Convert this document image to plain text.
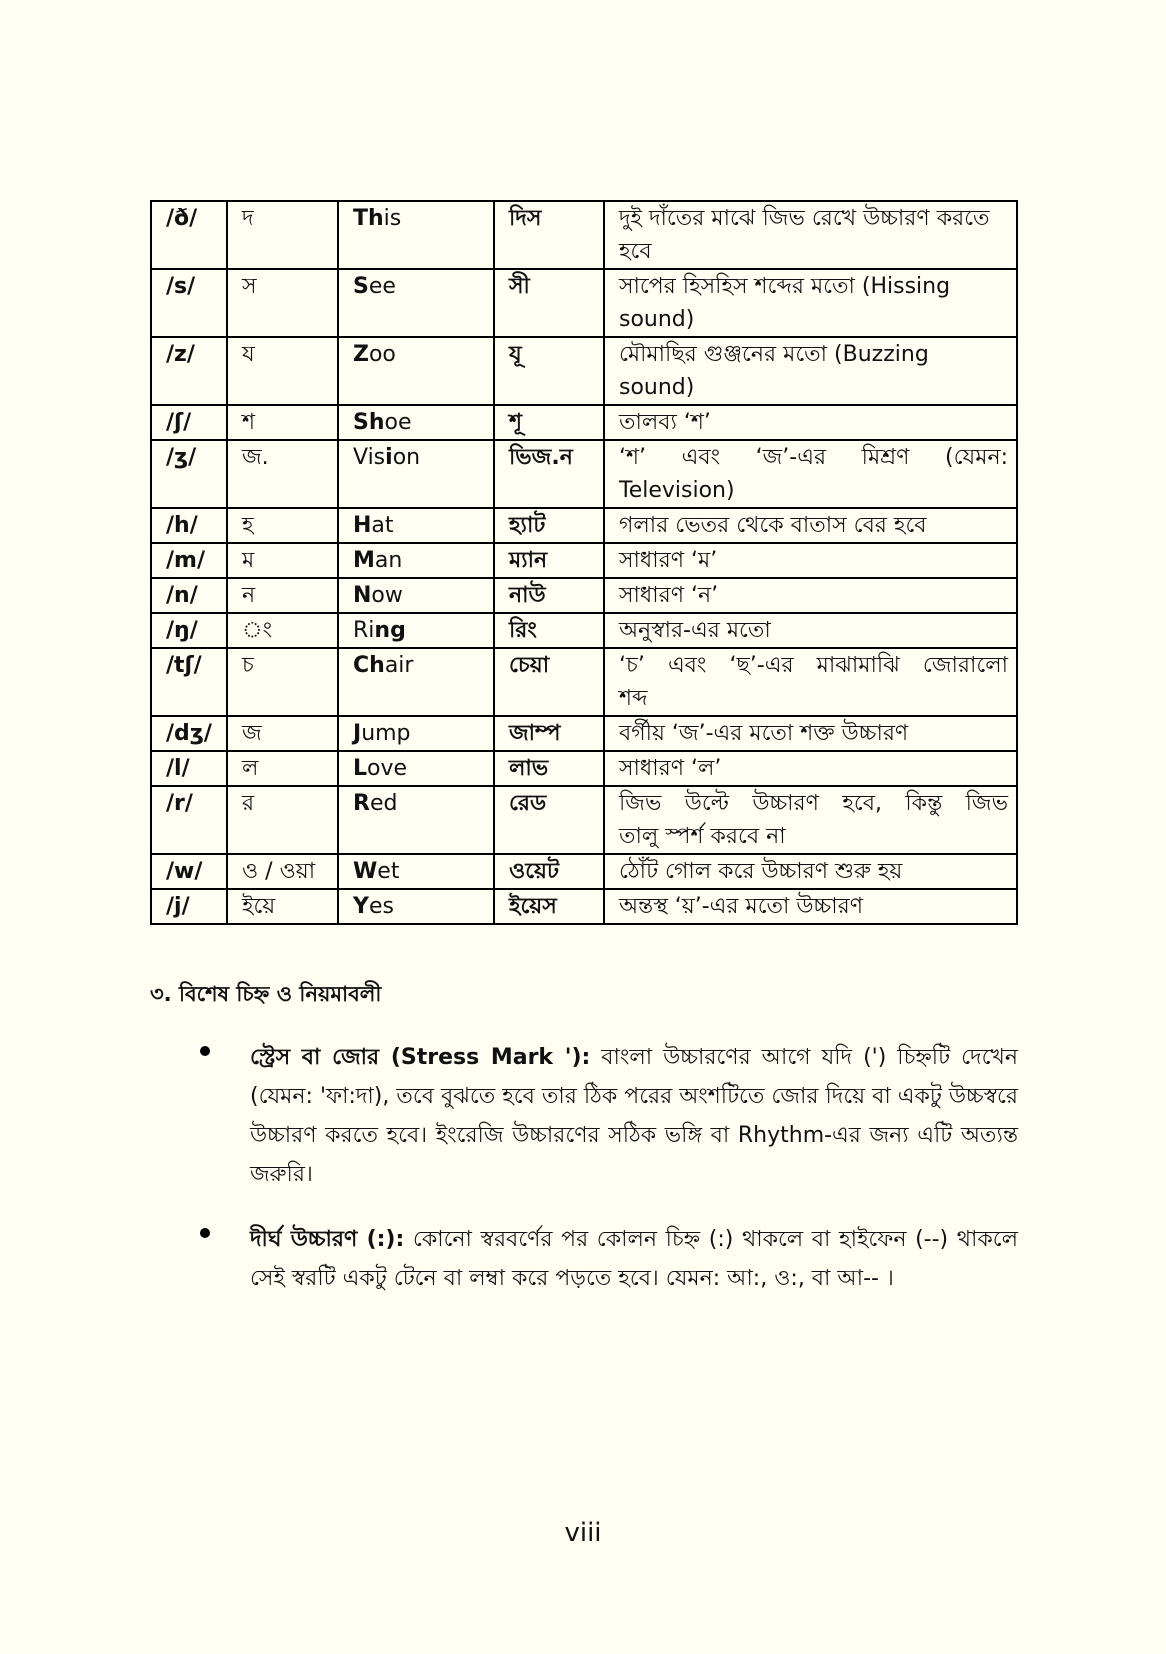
/ð/	দ	This	দিস	দুই দাঁতের মাঝে জিভ রেখে উচ্চারণ করতে হবে
/s/	স	See	সী	সাপের হিসহিস শব্দের মতো (Hissing sound)
/z/	য	Zoo	যূ	মৌমাছির গুঞ্জনের মতো (Buzzing sound)
/ʃ/	শ	Shoe	শূ	তালব্য ‘শ’
/ʒ/	জ.	Vision	ভিজ.ন	‘শ’ এবং ‘জ’-এর মিশ্রণ (যেমন:
Television)

/h/	হ	Hat	হ্যাট	গলার ভেতর থেকে বাতাস বের হবে
/m/	ম	Man	ম্যান	সাধারণ ‘ম’
/n/	ন	Now	নাউ	সাধারণ ‘ন’
/ŋ/	ং	Ring	রিং	অনুস্বার-এর মতো
/tʃ/	চ	Chair	চেয়া	‘চ’ এবং ‘ছ’-এর মাঝামাঝি জোরালো
শব্দ

/dʒ/	জ	Jump	জাম্প	বর্গীয় ‘জ’-এর মতো শক্ত উচ্চারণ
/l/	ল	Love	লাভ	সাধারণ ‘ল’
/r/	র	Red	রেড	জিভ উল্টে উচ্চারণ হবে, কিন্তু জিভ
তালু স্পর্শ করবে না

/w/	ও / ওয়া	Wet	ওয়েট	ঠোঁট গোল করে উচ্চারণ শুরু হয়
/j/	ইয়ে	Yes	ইয়েস	অন্তস্থ ‘য়’-এর মতো উচ্চারণ
৩. বিশেষ চিহ্ন ও নিয়মাবলী
স্ট্রেস বা জোর (Stress Mark '): বাংলা উচ্চারণের আগে যদি (') চিহ্নটি দেখেন (যেমন: 'ফা:দা), তবে বুঝতে হবে তার ঠিক পরের অংশটিতে জোর দিয়ে বা একটু উচ্চস্বরে উচ্চারণ করতে হবে। ইংরেজি উচ্চারণের সঠিক ভঙ্গি বা Rhythm-এর জন্য এটি অত্যন্ত জরুরি।
দীর্ঘ উচ্চারণ (:): কোনো স্বরবর্ণের পর কোলন চিহ্ন (:) থাকলে বা হাইফেন (--) থাকলে সেই স্বরটি একটু টেনে বা লম্বা করে পড়তে হবে। যেমন: আ:, ও:, বা আ-- ।
viii
